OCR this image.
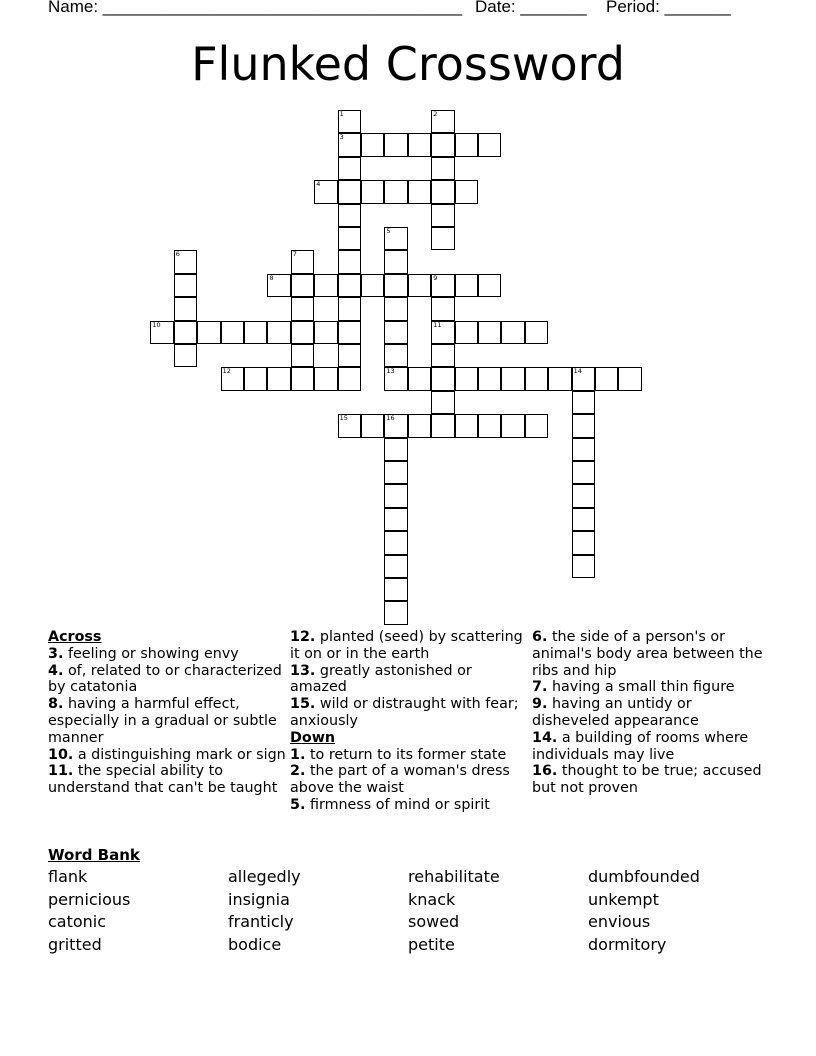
Name: ______________________________________ Date: _______ Period: _______
Flunked Crossword
1
3
2
4
5
6	7
8	9
11
10
12	13	14
15	16
Across
3. feeling or showing envy
4. of, related to or characterized by catatonia
8. having a harmful effect, especially in a gradual or subtle manner
10. a distinguishing mark or sign
11. the special ability to understand that can't be taught
12. planted (seed) by scattering it on or in the earth
13. greatly astonished or amazed
15. wild or distraught with fear; anxiously
Down
1. to return to its former state
2. the part of a woman's dress above the waist
5. firmness of mind or spirit
6. the side of a person's or animal's body area between the ribs and hip
7. having a small thin figure
9. having an untidy or disheveled appearance
14. a building of rooms where individuals may live
16. thought to be true; accused but not proven
Word Bank
flank	allegedly	rehabilitate	dumbfounded
pernicious	insignia	knack	unkempt
catonic	franticly	sowed	envious
gritted	bodice	petite	dormitory
